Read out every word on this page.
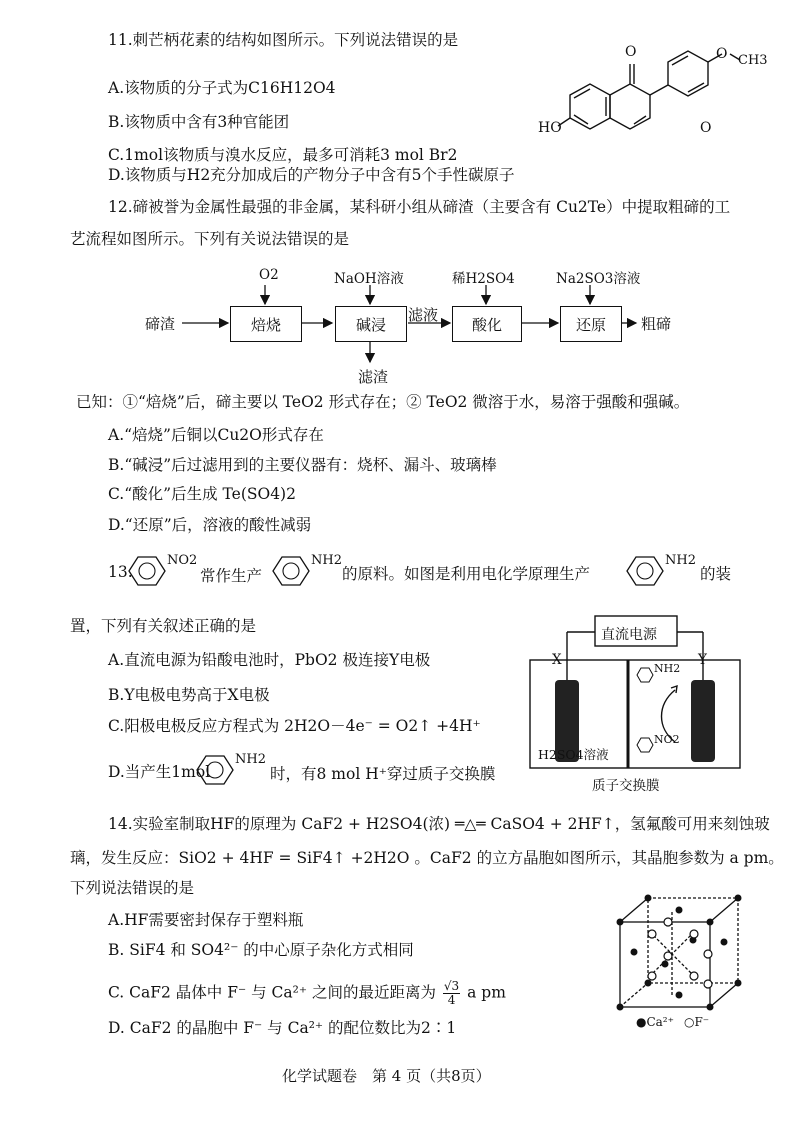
11.刺芒柄花素的结构如图所示。下列说法错误的是
A.该物质的分子式为C16H12O4
B.该物质中含有3种官能团
C.1mol该物质与溴水反应，最多可消耗3 mol Br2
D.该物质与H2充分加成后的产物分子中含有5个手性碳原子
O	O CH3
O
HO
12.碲被誉为金属性最强的非金属，某科研小组从碲渣（主要含有 Cu2Te）中提取粗碲的工
艺流程如图所示。下列有关说法错误的是
碲渣	焙烧
O2
碱浸
NaOH溶液
滤渣
滤液
酸化
稀H2SO4
还原
Na2SO3溶液
粗碲
已知：①“焙烧”后，碲主要以 TeO2 形式存在；② TeO2 微溶于水，易溶于强酸和强碱。
A.“焙烧”后铜以Cu2O形式存在
B.“碱浸”后过滤用到的主要仪器有：烧杯、漏斗、玻璃棒
C.“酸化”后生成 Te(SO4)2
D.“还原”后，溶液的酸性减弱
13.
NO2
常作生产
NH2
的原料。如图是利用电化学原理生产
NH2
的装
置，下列有关叙述正确的是
A.直流电源为铅酸电池时，PbO2 极连接Y电极
B.Y电极电势高于X电极
C.阳极电极反应方程式为 2H2O－4e⁻ = O2↑ +4H⁺
D.当产生1mol
NH2
时，有8 mol H⁺穿过质子交换膜
直流电源
X	Y
NH2
NO2
H2SO4溶液
质子交换膜
14.实验室制取HF的原理为 CaF2 + H2SO4(浓) ═△═ CaSO4 + 2HF↑，氢氟酸可用来刻蚀玻
璃，发生反应：SiO2 + 4HF = SiF4↑ +2H2O 。CaF2 的立方晶胞如图所示，其晶胞参数为 a pm。
下列说法错误的是
A.HF需要密封保存于塑料瓶
B. SiF4 和 SO4²⁻ 的中心原子杂化方式相同
C. CaF2 晶体中 F⁻ 与 Ca²⁺ 之间的最近距离为 $\frac{√3}{4}$ a pm
D. CaF2 的晶胞中 F⁻ 与 Ca²⁺ 的配位数比为2∶1	●Ca²⁺ ○F⁻
化学试题卷　第 4 页（共8页）
